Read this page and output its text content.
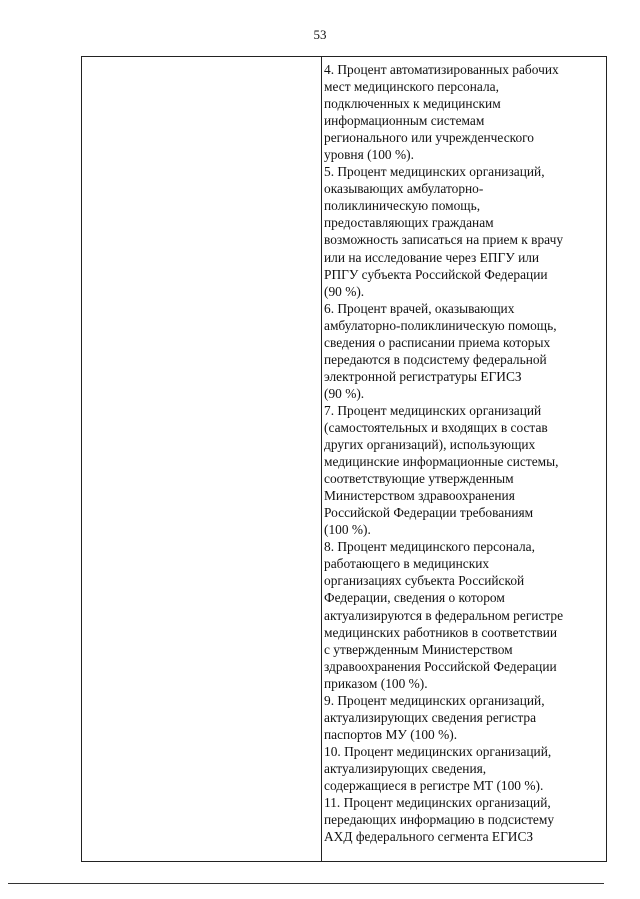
53
4. Процент автоматизированных рабочих
мест медицинского персонала,
подключенных к медицинским
информационным системам
регионального или учрежденческого
уровня (100 %).
5. Процент медицинских организаций,
оказывающих амбулаторно-
поликлиническую помощь,
предоставляющих гражданам
возможность записаться на прием к врачу
или на исследование через ЕПГУ или
РПГУ субъекта Российской Федерации
(90 %).
6. Процент врачей, оказывающих
амбулаторно-поликлиническую помощь,
сведения о расписании приема которых
передаются в подсистему федеральной
электронной регистратуры ЕГИСЗ
(90 %).
7. Процент медицинских организаций
(самостоятельных и входящих в состав
других организаций), использующих
медицинские информационные системы,
соответствующие утвержденным
Министерством здравоохранения
Российской Федерации требованиям
(100 %).
8. Процент медицинского персонала,
работающего в медицинских
организациях субъекта Российской
Федерации, сведения о котором
актуализируются в федеральном регистре
медицинских работников в соответствии
с утвержденным Министерством
здравоохранения Российской Федерации
приказом (100 %).
9. Процент медицинских организаций,
актуализирующих сведения регистра
паспортов МУ (100 %).
10. Процент медицинских организаций,
актуализирующих сведения,
содержащиеся в регистре МТ (100 %).
11. Процент медицинских организаций,
передающих информацию в подсистему
АХД федерального сегмента ЕГИСЗ
